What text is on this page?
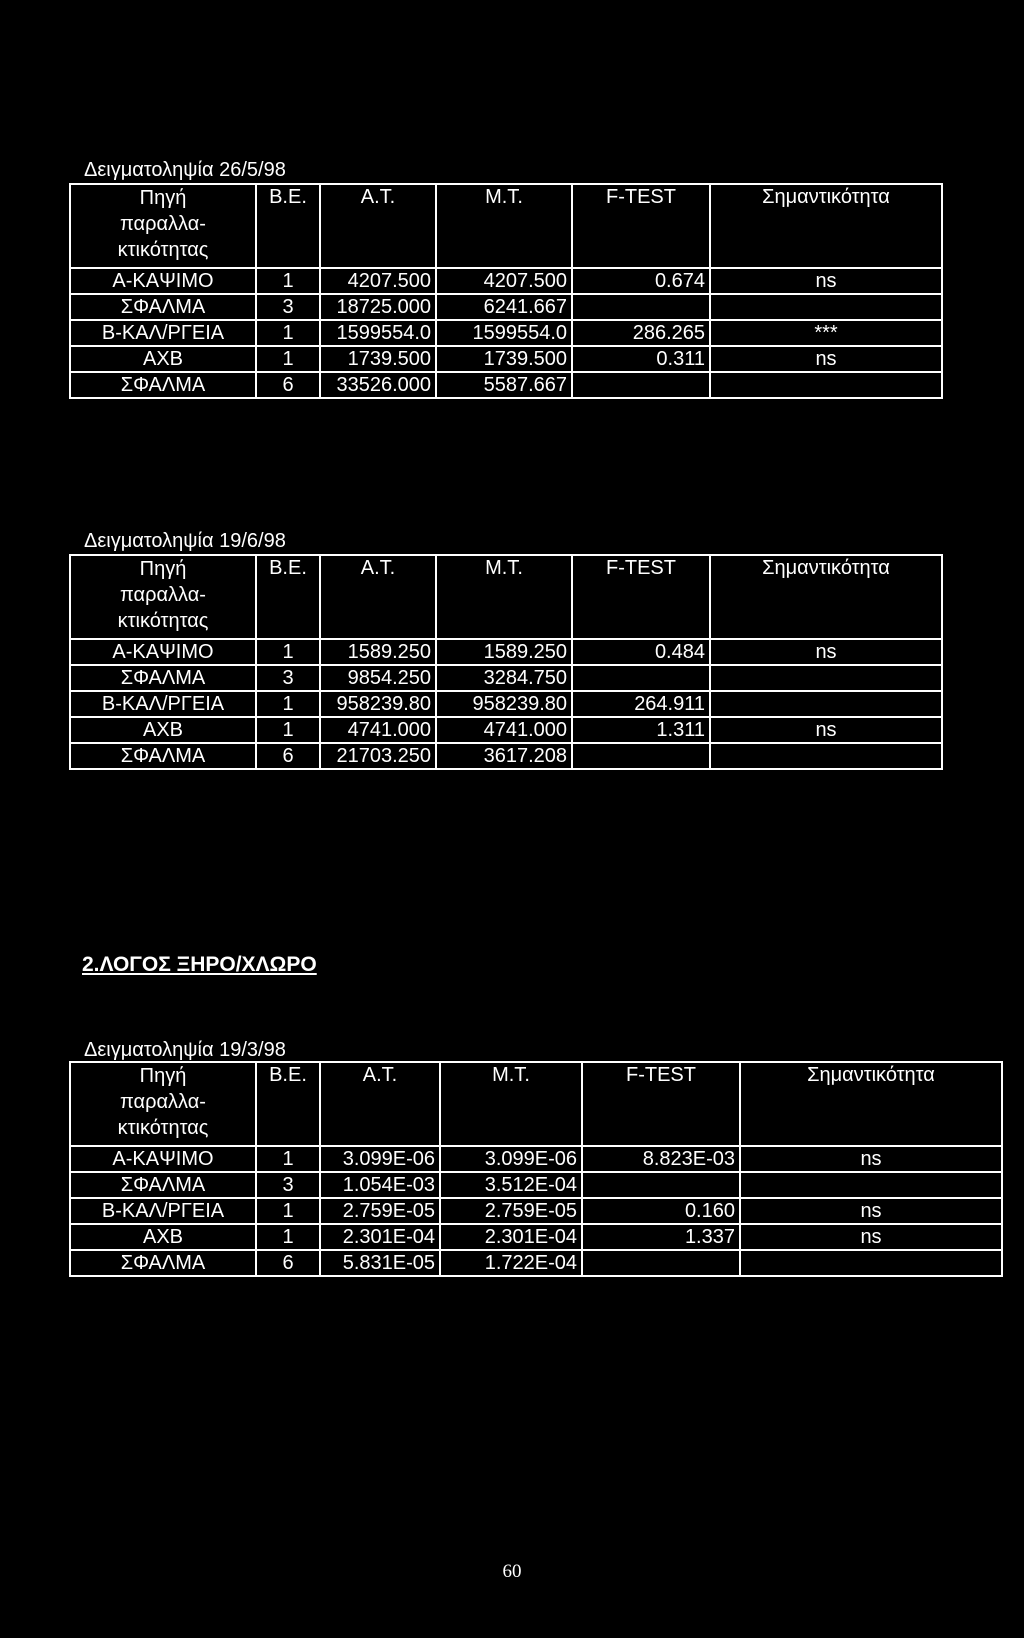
Δειγματοληψία 26/5/98
Πηγή
παραλλα-
κτικότητας	Β.Ε.	Α.Τ.	Μ.Τ.	F-TEST	Σημαντικότητα
Α-ΚΑΨΙΜΟ	1	4207.500	4207.500	0.674	ns
ΣΦΑΛΜΑ	3	18725.000	6241.667		
Β-ΚΑΛ/ΡΓΕΙΑ	1	1599554.0	1599554.0	286.265	***
ΑΧΒ	1	1739.500	1739.500	0.311	ns
ΣΦΑΛΜΑ	6	33526.000	5587.667		
Δειγματοληψία 19/6/98
Πηγή
παραλλα-
κτικότητας	Β.Ε.	Α.Τ.	Μ.Τ.	F-TEST	Σημαντικότητα
Α-ΚΑΨΙΜΟ	1	1589.250	1589.250	0.484	ns
ΣΦΑΛΜΑ	3	9854.250	3284.750		
Β-ΚΑΛ/ΡΓΕΙΑ	1	958239.80	958239.80	264.911	
ΑΧΒ	1	4741.000	4741.000	1.311	ns
ΣΦΑΛΜΑ	6	21703.250	3617.208		
2.ΛΟΓΟΣ ΞΗΡΟ/ΧΛΩΡΟ
Δειγματοληψία 19/3/98
Πηγή
παραλλα-
κτικότητας	Β.Ε.	Α.Τ.	Μ.Τ.	F-TEST	Σημαντικότητα
Α-ΚΑΨΙΜΟ	1	3.099E-06	3.099E-06	8.823E-03	ns
ΣΦΑΛΜΑ	3	1.054E-03	3.512E-04		
Β-ΚΑΛ/ΡΓΕΙΑ	1	2.759E-05	2.759E-05	0.160	ns
ΑΧΒ	1	2.301E-04	2.301E-04	1.337	ns
ΣΦΑΛΜΑ	6	5.831E-05	1.722E-04		
60
